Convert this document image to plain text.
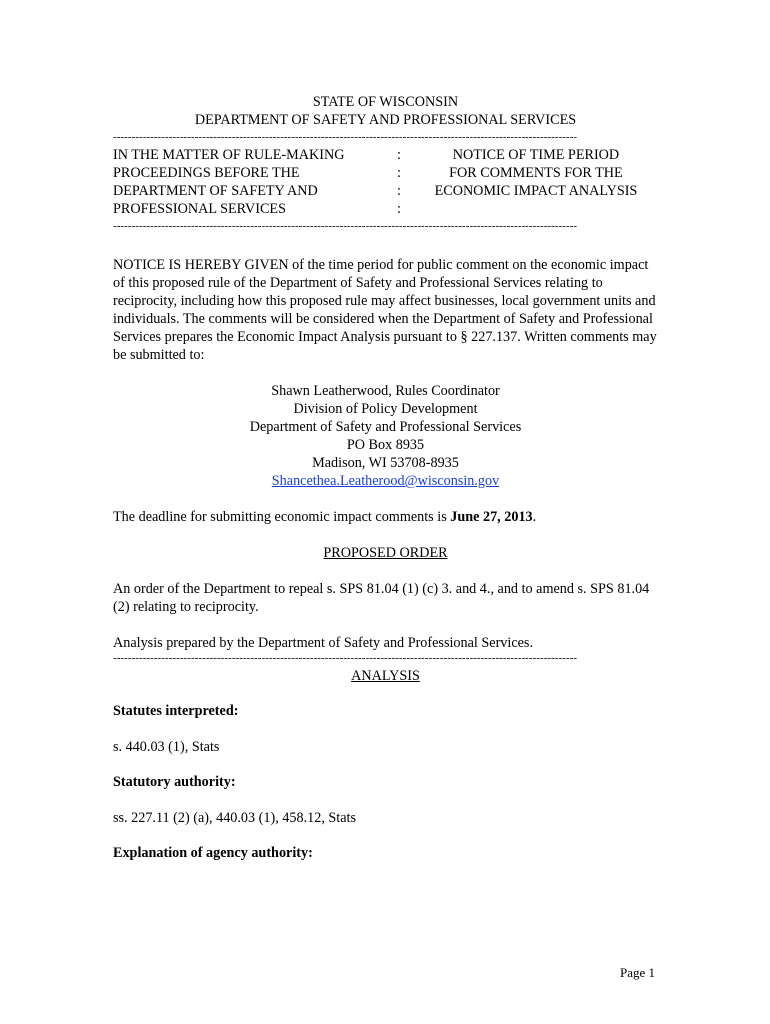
STATE OF WISCONSIN
DEPARTMENT OF SAFETY AND PROFESSIONAL SERVICES
-----------------------------------------------------------------------------------------------------------------------------
IN THE MATTER OF RULE-MAKING
PROCEEDINGS BEFORE THE
DEPARTMENT OF SAFETY AND
PROFESSIONAL SERVICES
:
:
:
:
NOTICE OF TIME PERIOD
FOR COMMENTS FOR THE
ECONOMIC IMPACT ANALYSIS
-----------------------------------------------------------------------------------------------------------------------------

NOTICE IS HEREBY GIVEN of the time period for public comment on the economic impact of this proposed rule of the Department of Safety and Professional Services relating to reciprocity, including how this proposed rule may affect businesses, local government units and individuals. The comments will be considered when the Department of Safety and Professional Services prepares the Economic Impact Analysis pursuant to § 227.137. Written comments may be submitted to:

Shawn Leatherwood, Rules Coordinator
Division of Policy Development
Department of Safety and Professional Services
PO Box 8935
Madison, WI 53708-8935
Shancethea.Leatherood@wisconsin.gov

The deadline for submitting economic impact comments is June 27, 2013.

PROPOSED ORDER

An order of the Department to repeal s. SPS 81.04 (1) (c) 3. and 4., and to amend s. SPS 81.04 (2) relating to reciprocity.

Analysis prepared by the Department of Safety and Professional Services.

-----------------------------------------------------------------------------------------------------------------------------
ANALYSIS

Statutes interpreted:

s. 440.03 (1), Stats

Statutory authority:

ss. 227.11 (2) (a), 440.03 (1), 458.12, Stats

Explanation of agency authority:

Page 1
